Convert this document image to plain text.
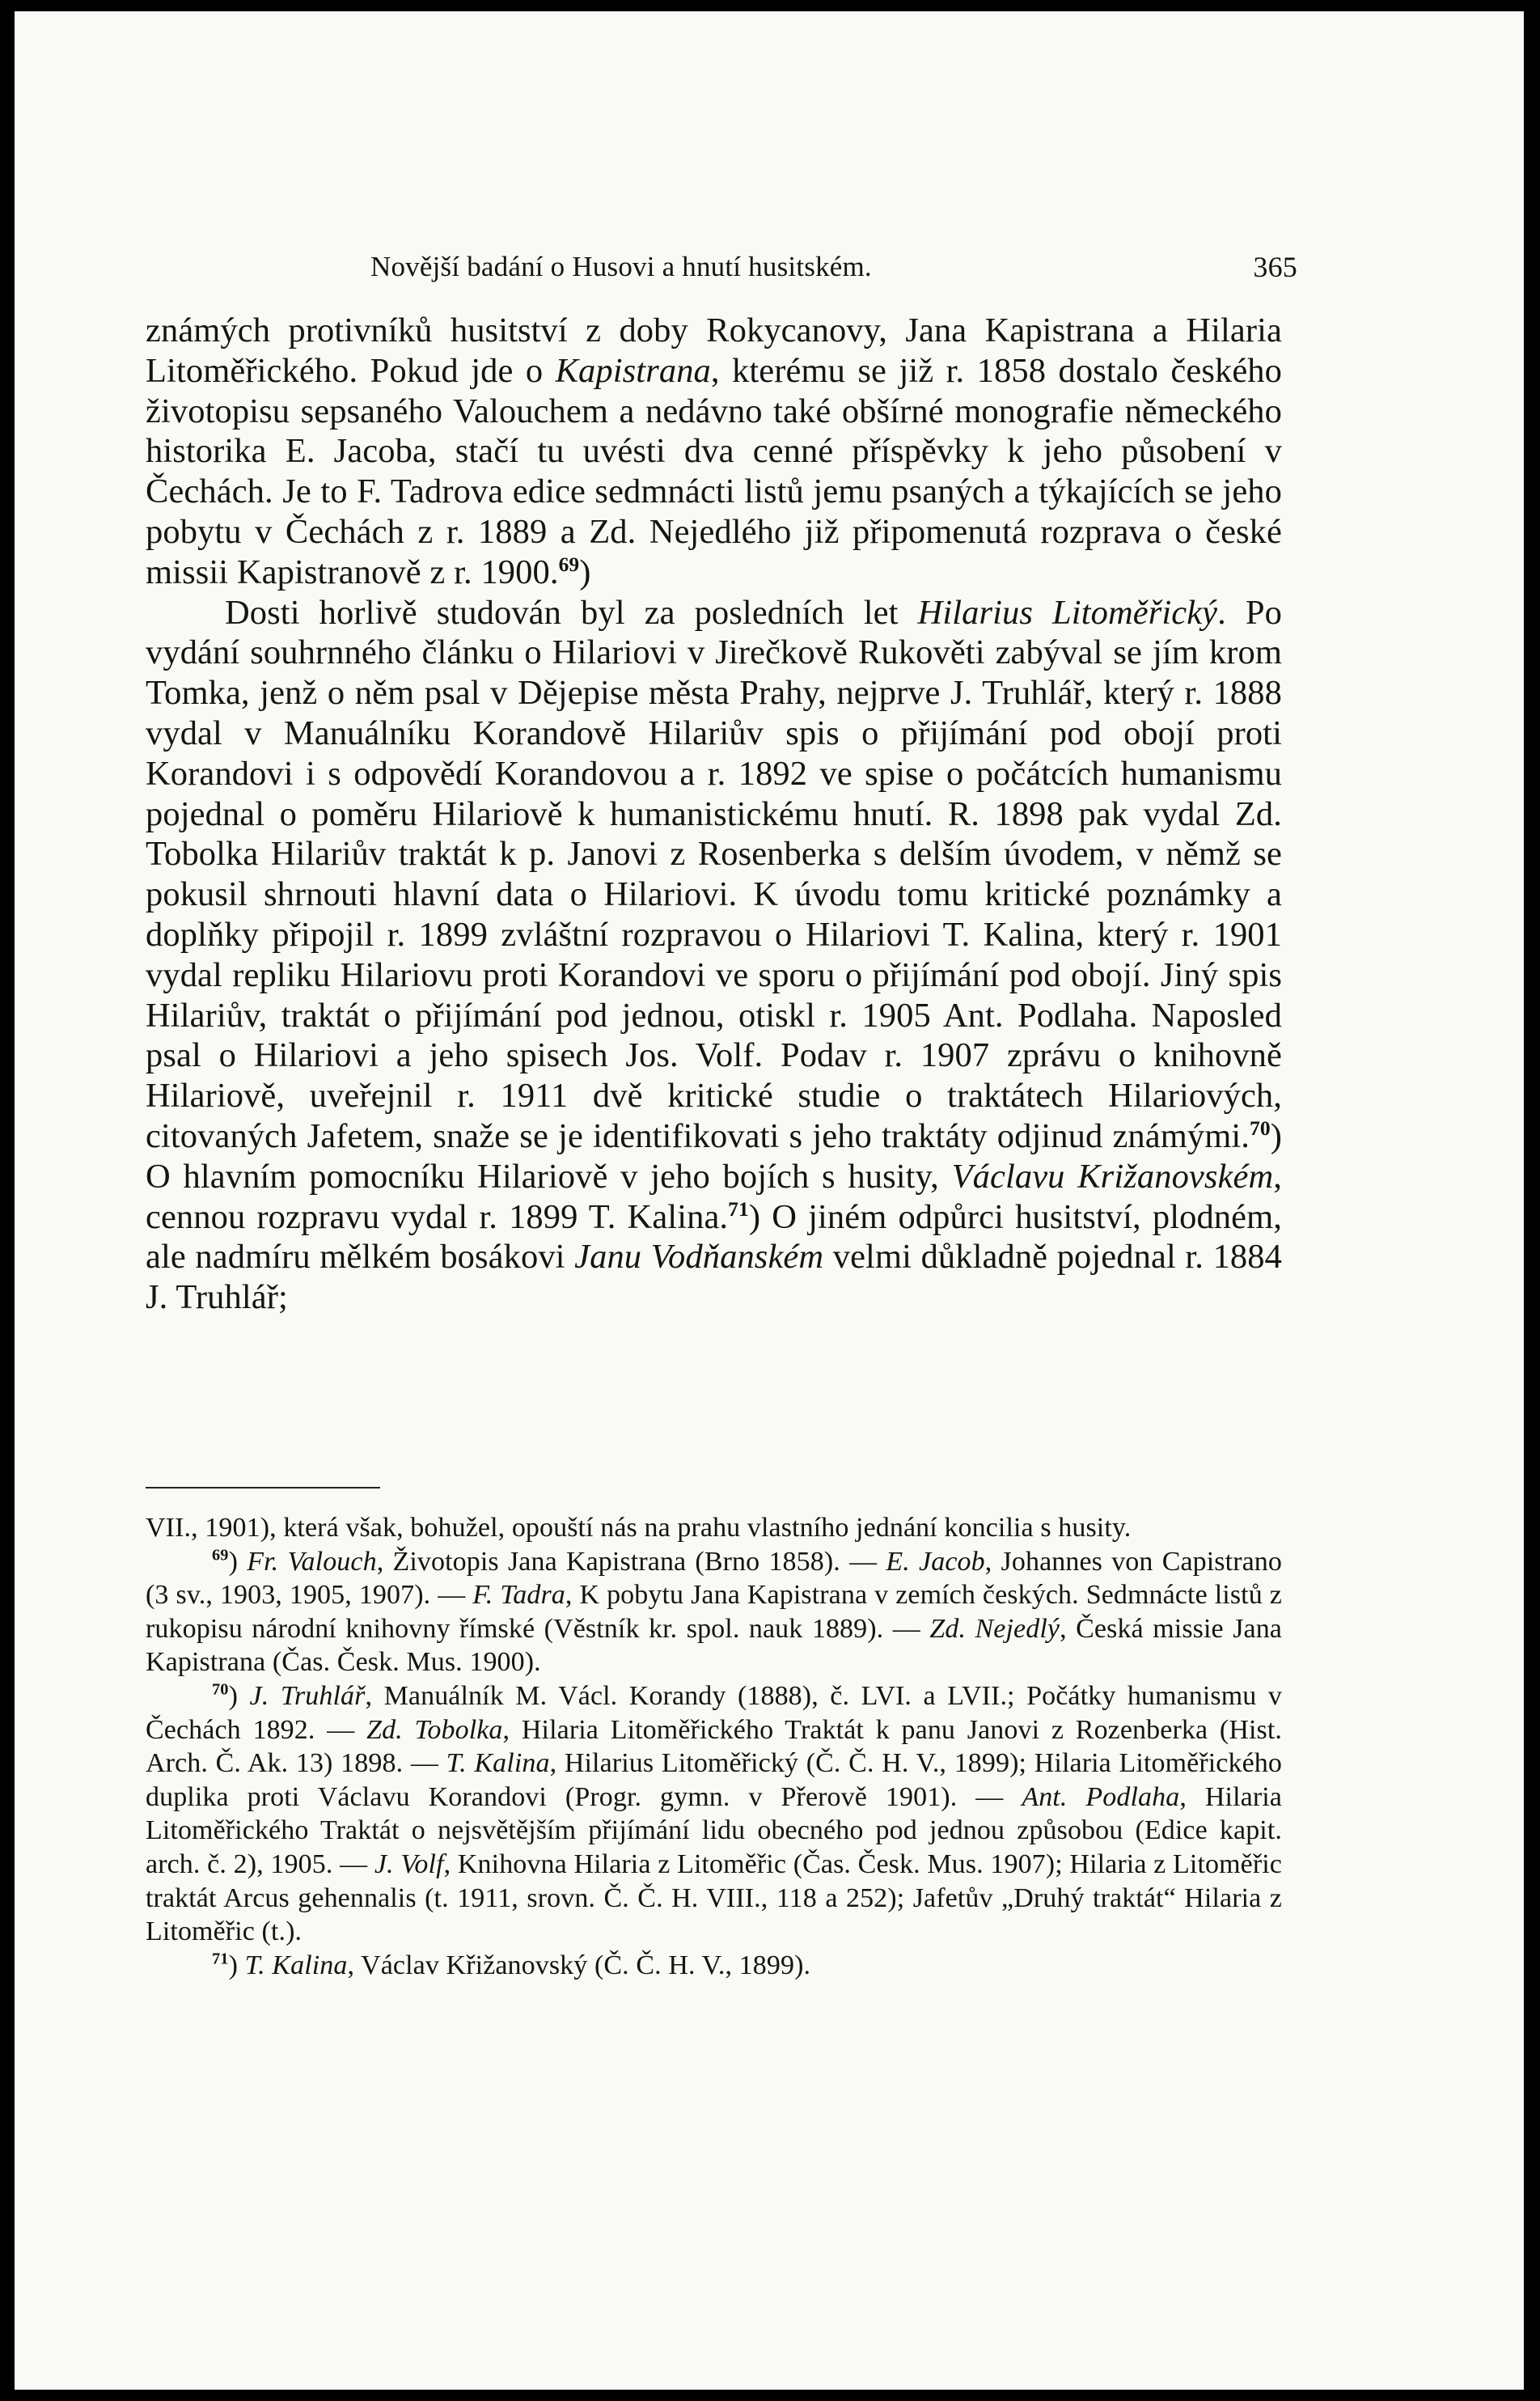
Novější badání o Husovi a hnutí husitském.	365

známých protivníků husitství z doby Rokycanovy, Jana Kapistrana a Hilaria Litoměřického. Pokud jde o Kapistrana, kterému se již r. 1858 dostalo českého životopisu sepsaného Valouchem a nedávno také obšírné monografie německého historika E. Jacoba, stačí tu uvésti dva cenné příspěvky k jeho působení v Čechách. Je to F. Tadrova edice sedmnácti listů jemu psaných a týkajících se jeho pobytu v Čechách z r. 1889 a Zd. Nejedlého již připomenutá rozprava o české missii Kapistranově z r. 1900.69)

Dosti horlivě studován byl za posledních let Hilarius Litoměřický. Po vydání souhrnného článku o Hilariovi v Jirečkově Rukověti zabýval se jím krom Tomka, jenž o něm psal v Dějepise města Prahy, nejprve J. Truhlář, který r. 1888 vydal v Manuálníku Korandově Hilariův spis o přijímání pod obojí proti Korandovi i s odpovědí Korandovou a r. 1892 ve spise o počátcích humanismu pojednal o poměru Hilariově k humanistickému hnutí. R. 1898 pak vydal Zd. Tobolka Hilariův traktát k p. Janovi z Rosenberka s delším úvodem, v němž se pokusil shrnouti hlavní data o Hilariovi. K úvodu tomu kritické poznámky a doplňky připojil r. 1899 zvláštní rozpravou o Hilariovi T. Kalina, který r. 1901 vydal repliku Hilariovu proti Korandovi ve sporu o přijímání pod obojí. Jiný spis Hilariův, traktát o přijímání pod jednou, otiskl r. 1905 Ant. Podlaha. Naposled psal o Hilariovi a jeho spisech Jos. Volf. Podav r. 1907 zprávu o knihovně Hilariově, uveřejnil r. 1911 dvě kritické studie o traktátech Hilariových, citovaných Jafetem, snaže se je identifikovati s jeho traktáty odjinud známými.$^{70}$) O hlavním pomocníku Hilariově v jeho bojích s husity, Václavu Križanovském, cennou rozpravu vydal r. 1899 T. Kalina.$^{71}$) O jiném odpůrci husitství, plodném, ale nadmíru mělkém bosákovi Janu Vodňanském velmi důkladně pojednal r. 1884 J. Truhlář;

VII., 1901), která však, bohužel, opouští nás na prahu vlastního jednání koncilia s husity.

$^{69}$) Fr. Valouch, Životopis Jana Kapistrana (Brno 1858). — E. Jacob, Johannes von Capistrano (3 sv., 1903, 1905, 1907). — F. Tadra, K pobytu Jana Kapistrana v zemích českých. Sedmnácte listů z rukopisu národní knihovny římské (Věstník kr. spol. nauk 1889). — Zd. Nejedlý, Česká missie Jana Kapistrana (Čas. Česk. Mus. 1900).

$^{70}$) J. Truhlář, Manuálník M. Václ. Korandy (1888), č. LVI. a LVII.; Počátky humanismu v Čechách 1892. — Zd. Tobolka, Hilaria Litoměřického Traktát k panu Janovi z Rozenberka (Hist. Arch. Č. Ak. 13) 1898. — T. Kalina, Hilarius Litoměřický (Č. Č. H. V., 1899); Hilaria Litoměřického duplika proti Václavu Korandovi (Progr. gymn. v Přerově 1901). — Ant. Podlaha, Hilaria Litoměřického Traktát o nejsvětějším přijímání lidu obecného pod jednou způsobou (Edice kapit. arch. č. 2), 1905. — J. Volf, Knihovna Hilaria z Litoměřic (Čas. Česk. Mus. 1907); Hilaria z Litoměřic traktát Arcus gehennalis (t. 1911, srovn. Č. Č. H. VIII., 118 a 252); Jafetův „Druhý traktát“ Hilaria z Litoměřic (t.).

$^{71}$) T. Kalina, Václav Křižanovský (Č. Č. H. V., 1899).
